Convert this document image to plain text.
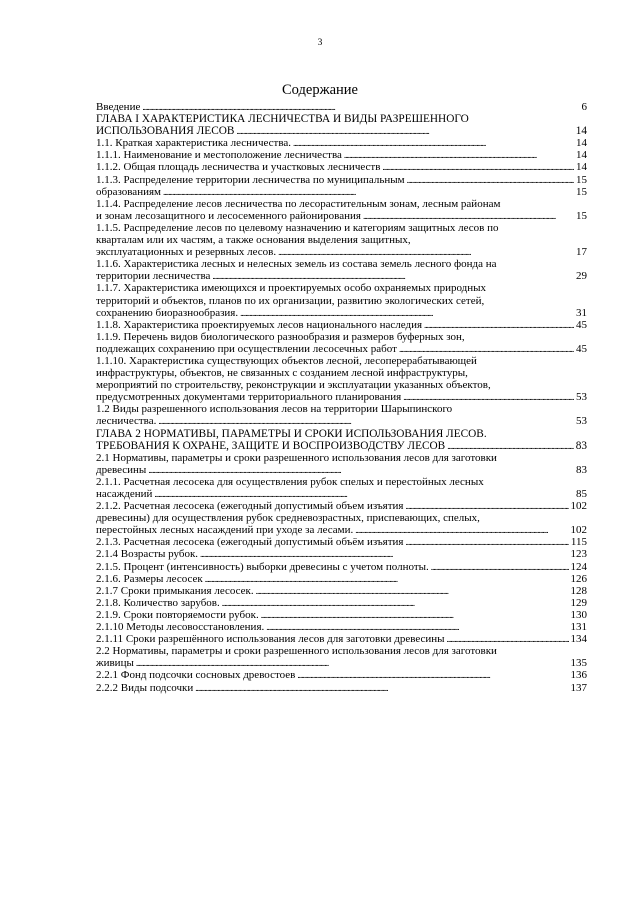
3
Содержание
Введение . . .	6
ГЛАВА I ХАРАКТЕРИСТИКА ЛЕСНИЧЕСТВА И ВИДЫ РАЗРЕШЕННОГО
ИСПОЛЬЗОВАНИЯ ЛЕСОВ . . .	14
1.1. Краткая характеристика лесничества. . . .	14
1.1.1. Наименование и местоположение лесничества . . .	14
1.1.2. Общая площадь лесничества и участковых лесничеств . . .	14
1.1.3. Распределение территории лесничества по муниципальным . . .	15
образованиям . . .	15
1.1.4. Распределение лесов лесничества по лесорастительным зонам, лесным районам
и зонам лесозащитного и лесосеменного районирования . . .	15
1.1.5. Распределение лесов по целевому назначению и категориям защитных лесов по
кварталам или их частям, а также основания выделения защитных,
эксплуатационных и резервных лесов. . . .	17
1.1.6. Характеристика лесных и нелесных земель из состава земель лесного фонда на
территории лесничества . . .	29
1.1.7. Характеристика имеющихся и проектируемых особо охраняемых природных
территорий и объектов, планов по их организации, развитию экологических сетей,
сохранению биоразнообразия. . . .	31
1.1.8. Характеристика проектируемых лесов национального наследия . . .	45
1.1.9. Перечень видов биологического разнообразия и размеров буферных зон,
подлежащих сохранению при осуществлении лесосечных работ . . .	45
1.1.10. Характеристика существующих объектов лесной, лесоперерабатывающей
инфраструктуры, объектов, не связанных с созданием лесной инфраструктуры,
мероприятий по строительству, реконструкции и эксплуатации указанных объектов,
предусмотренных документами территориального планирования . . .	53
1.2 Виды разрешенного использования лесов на территории Шарыпинского
лесничества. . . .	53
ГЛАВА 2 НОРМАТИВЫ, ПАРАМЕТРЫ И СРОКИ ИСПОЛЬЗОВАНИЯ ЛЕСОВ.
ТРЕБОВАНИЯ К ОХРАНЕ, ЗАЩИТЕ И ВОСПРОИЗВОДСТВУ ЛЕСОВ . . .	83
2.1 Нормативы, параметры и сроки разрешенного использования лесов для заготовки
древесины . . .	83
2.1.1. Расчетная лесосека для осуществления рубок спелых и перестойных лесных
насаждений . . .	85
2.1.2. Расчетная лесосека (ежегодный допустимый объем изъятия . . .	102
древесины) для осуществления рубок средневозрастных, приспевающих, спелых,
перестойных лесных насаждений при уходе за лесами. . . .	102
2.1.3. Расчетная лесосека (ежегодный допустимый объём изъятия . . .	115
2.1.4 Возрасты рубок. . . .	123
2.1.5. Процент (интенсивность) выборки древесины с учетом полноты. . . .	124
2.1.6. Размеры лесосек . . .	126
2.1.7 Сроки примыкания лесосек. . . .	128
2.1.8. Количество зарубов. . . .	129
2.1.9. Сроки повторяемости рубок. . . .	130
2.1.10 Методы лесовосстановления. . . .	131
2.1.11 Сроки разрешённого использования лесов для заготовки древесины . . .	134
2.2 Нормативы, параметры и сроки разрешенного использования лесов для заготовки
живицы . . .	135
2.2.1 Фонд подсочки сосновых древостоев . . .	136
2.2.2 Виды подсочки . . .	137
